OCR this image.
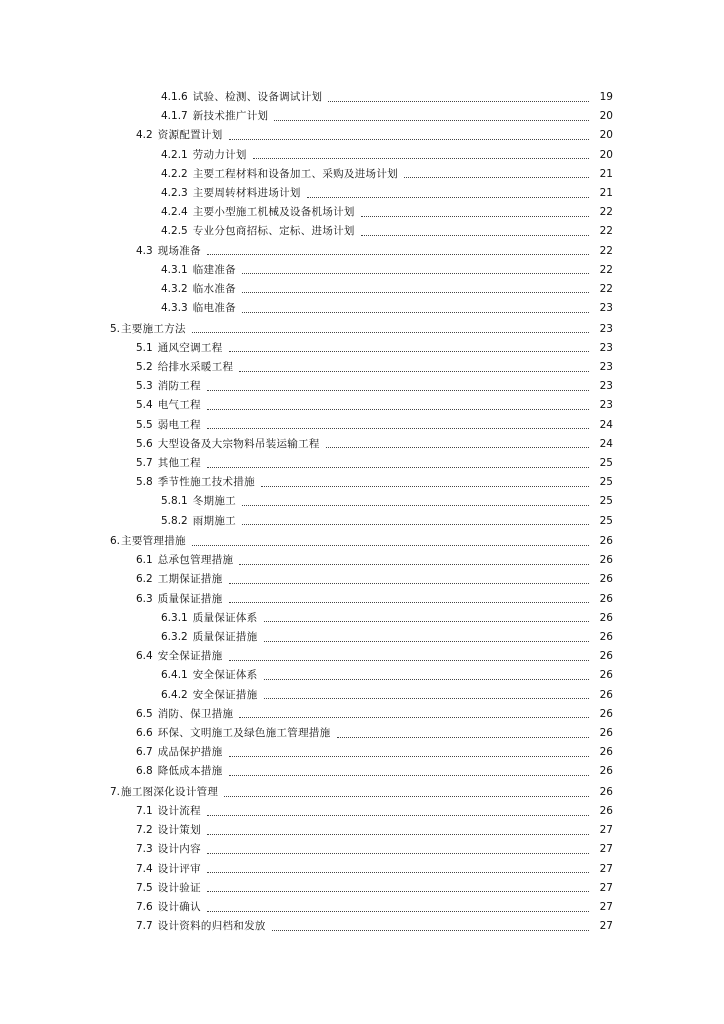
4.1.6 试验、检测、设备调试计划	19
4.1.7 新技术推广计划	20
4.2 资源配置计划	20
4.2.1 劳动力计划	20
4.2.2 主要工程材料和设备加工、采购及进场计划	21
4.2.3 主要周转材料进场计划	21
4.2.4 主要小型施工机械及设备机场计划	22
4.2.5 专业分包商招标、定标、进场计划	22
4.3 现场准备	22
4.3.1 临建准备	22
4.3.2 临水准备	22
4.3.3 临电准备	23
5. 主要施工方法	23
5.1 通风空调工程	23
5.2 给排水采暖工程	23
5.3 消防工程	23
5.4 电气工程	23
5.5 弱电工程	24
5.6 大型设备及大宗物料吊装运输工程	24
5.7 其他工程	25
5.8 季节性施工技术措施	25
5.8.1 冬期施工	25
5.8.2 雨期施工	25
6. 主要管理措施	26
6.1 总承包管理措施	26
6.2 工期保证措施	26
6.3 质量保证措施	26
6.3.1 质量保证体系	26
6.3.2 质量保证措施	26
6.4 安全保证措施	26
6.4.1 安全保证体系	26
6.4.2 安全保证措施	26
6.5 消防、保卫措施	26
6.6 环保、文明施工及绿色施工管理措施	26
6.7 成品保护措施	26
6.8 降低成本措施	26
7. 施工图深化设计管理	26
7.1 设计流程	26
7.2 设计策划	27
7.3 设计内容	27
7.4 设计评审	27
7.5 设计验证	27
7.6 设计确认	27
7.7 设计资料的归档和发放	27
